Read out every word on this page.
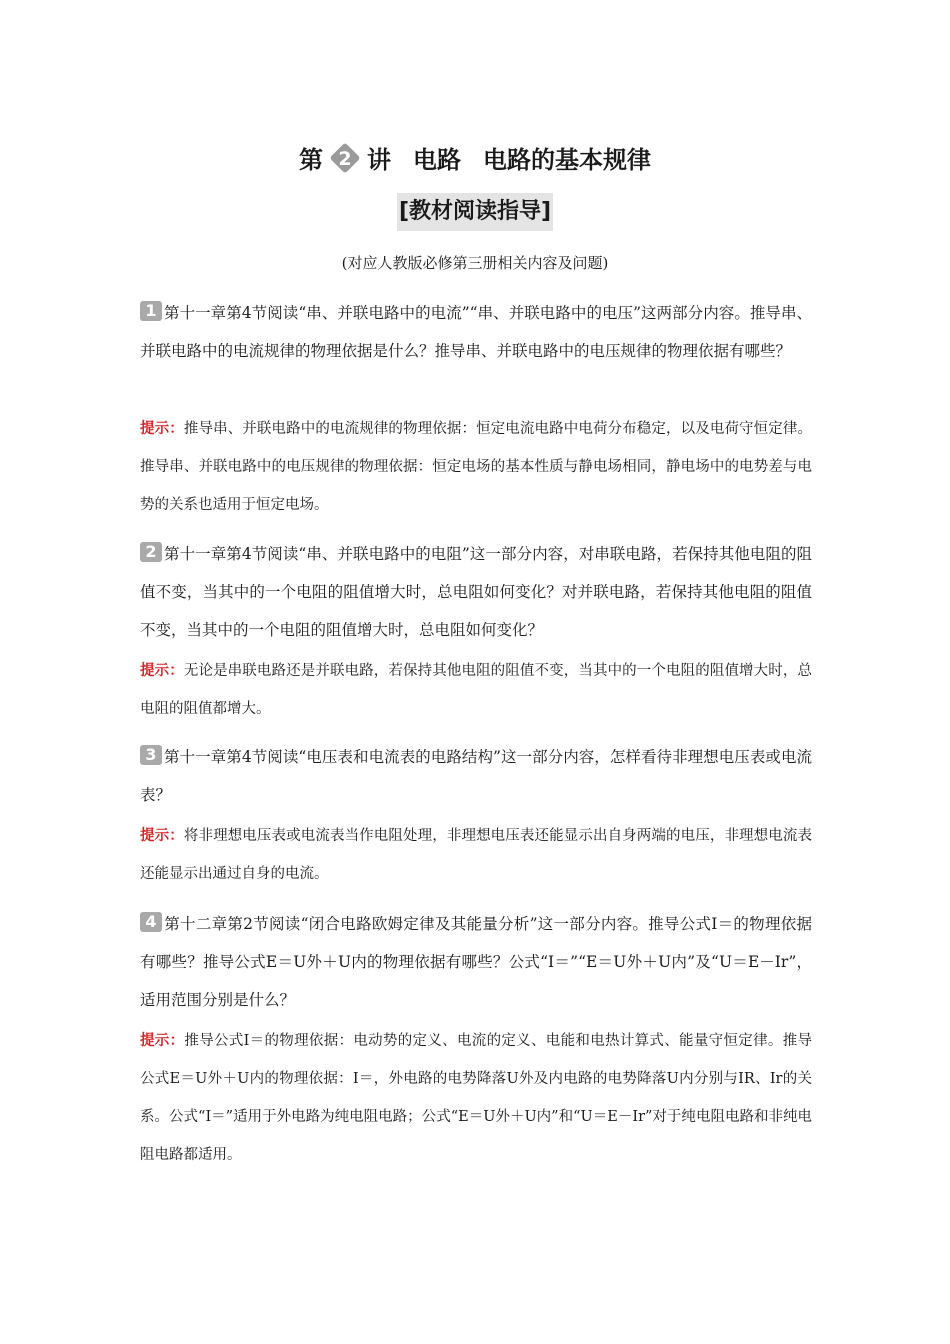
第 2 讲 电路 电路的基本规律
[教材阅读指导]
(对应人教版必修第三册相关内容及问题)
1 第十一章第4节阅读“串、并联电路中的电流”“串、并联电路中的电压”这两部分内容。推导串、并联电路中的电流规律的物理依据是什么？推导串、并联电路中的电压规律的物理依据有哪些？
提示：推导串、并联电路中的电流规律的物理依据：恒定电流电路中电荷分布稳定，以及电荷守恒定律。推导串、并联电路中的电压规律的物理依据：恒定电场的基本性质与静电场相同，静电场中的电势差与电势的关系也适用于恒定电场。
2 第十一章第4节阅读“串、并联电路中的电阻”这一部分内容，对串联电路，若保持其他电阻的阻值不变，当其中的一个电阻的阻值增大时，总电阻如何变化？对并联电路，若保持其他电阻的阻值不变，当其中的一个电阻的阻值增大时，总电阻如何变化？
提示：无论是串联电路还是并联电路，若保持其他电阻的阻值不变，当其中的一个电阻的阻值增大时，总电阻的阻值都增大。
3 第十一章第4节阅读“电压表和电流表的电路结构”这一部分内容，怎样看待非理想电压表或电流表？
提示：将非理想电压表或电流表当作电阻处理，非理想电压表还能显示出自身两端的电压，非理想电流表还能显示出通过自身的电流。
4 第十二章第2节阅读“闭合电路欧姆定律及其能量分析”这一部分内容。推导公式I＝的物理依据有哪些？推导公式E＝U外＋U内的物理依据有哪些？公式“I＝”“E＝U外＋U内”及“U＝E－Ir”，适用范围分别是什么？
提示：推导公式I＝的物理依据：电动势的定义、电流的定义、电能和电热计算式、能量守恒定律。推导公式E＝U外＋U内的物理依据：I＝，外电路的电势降落U外及内电路的电势降落U内分别与IR、Ir的关系。公式“I＝”适用于外电路为纯电阻电路；公式“E＝U外＋U内”和“U＝E－Ir”对于纯电阻电路和非纯电阻电路都适用。
